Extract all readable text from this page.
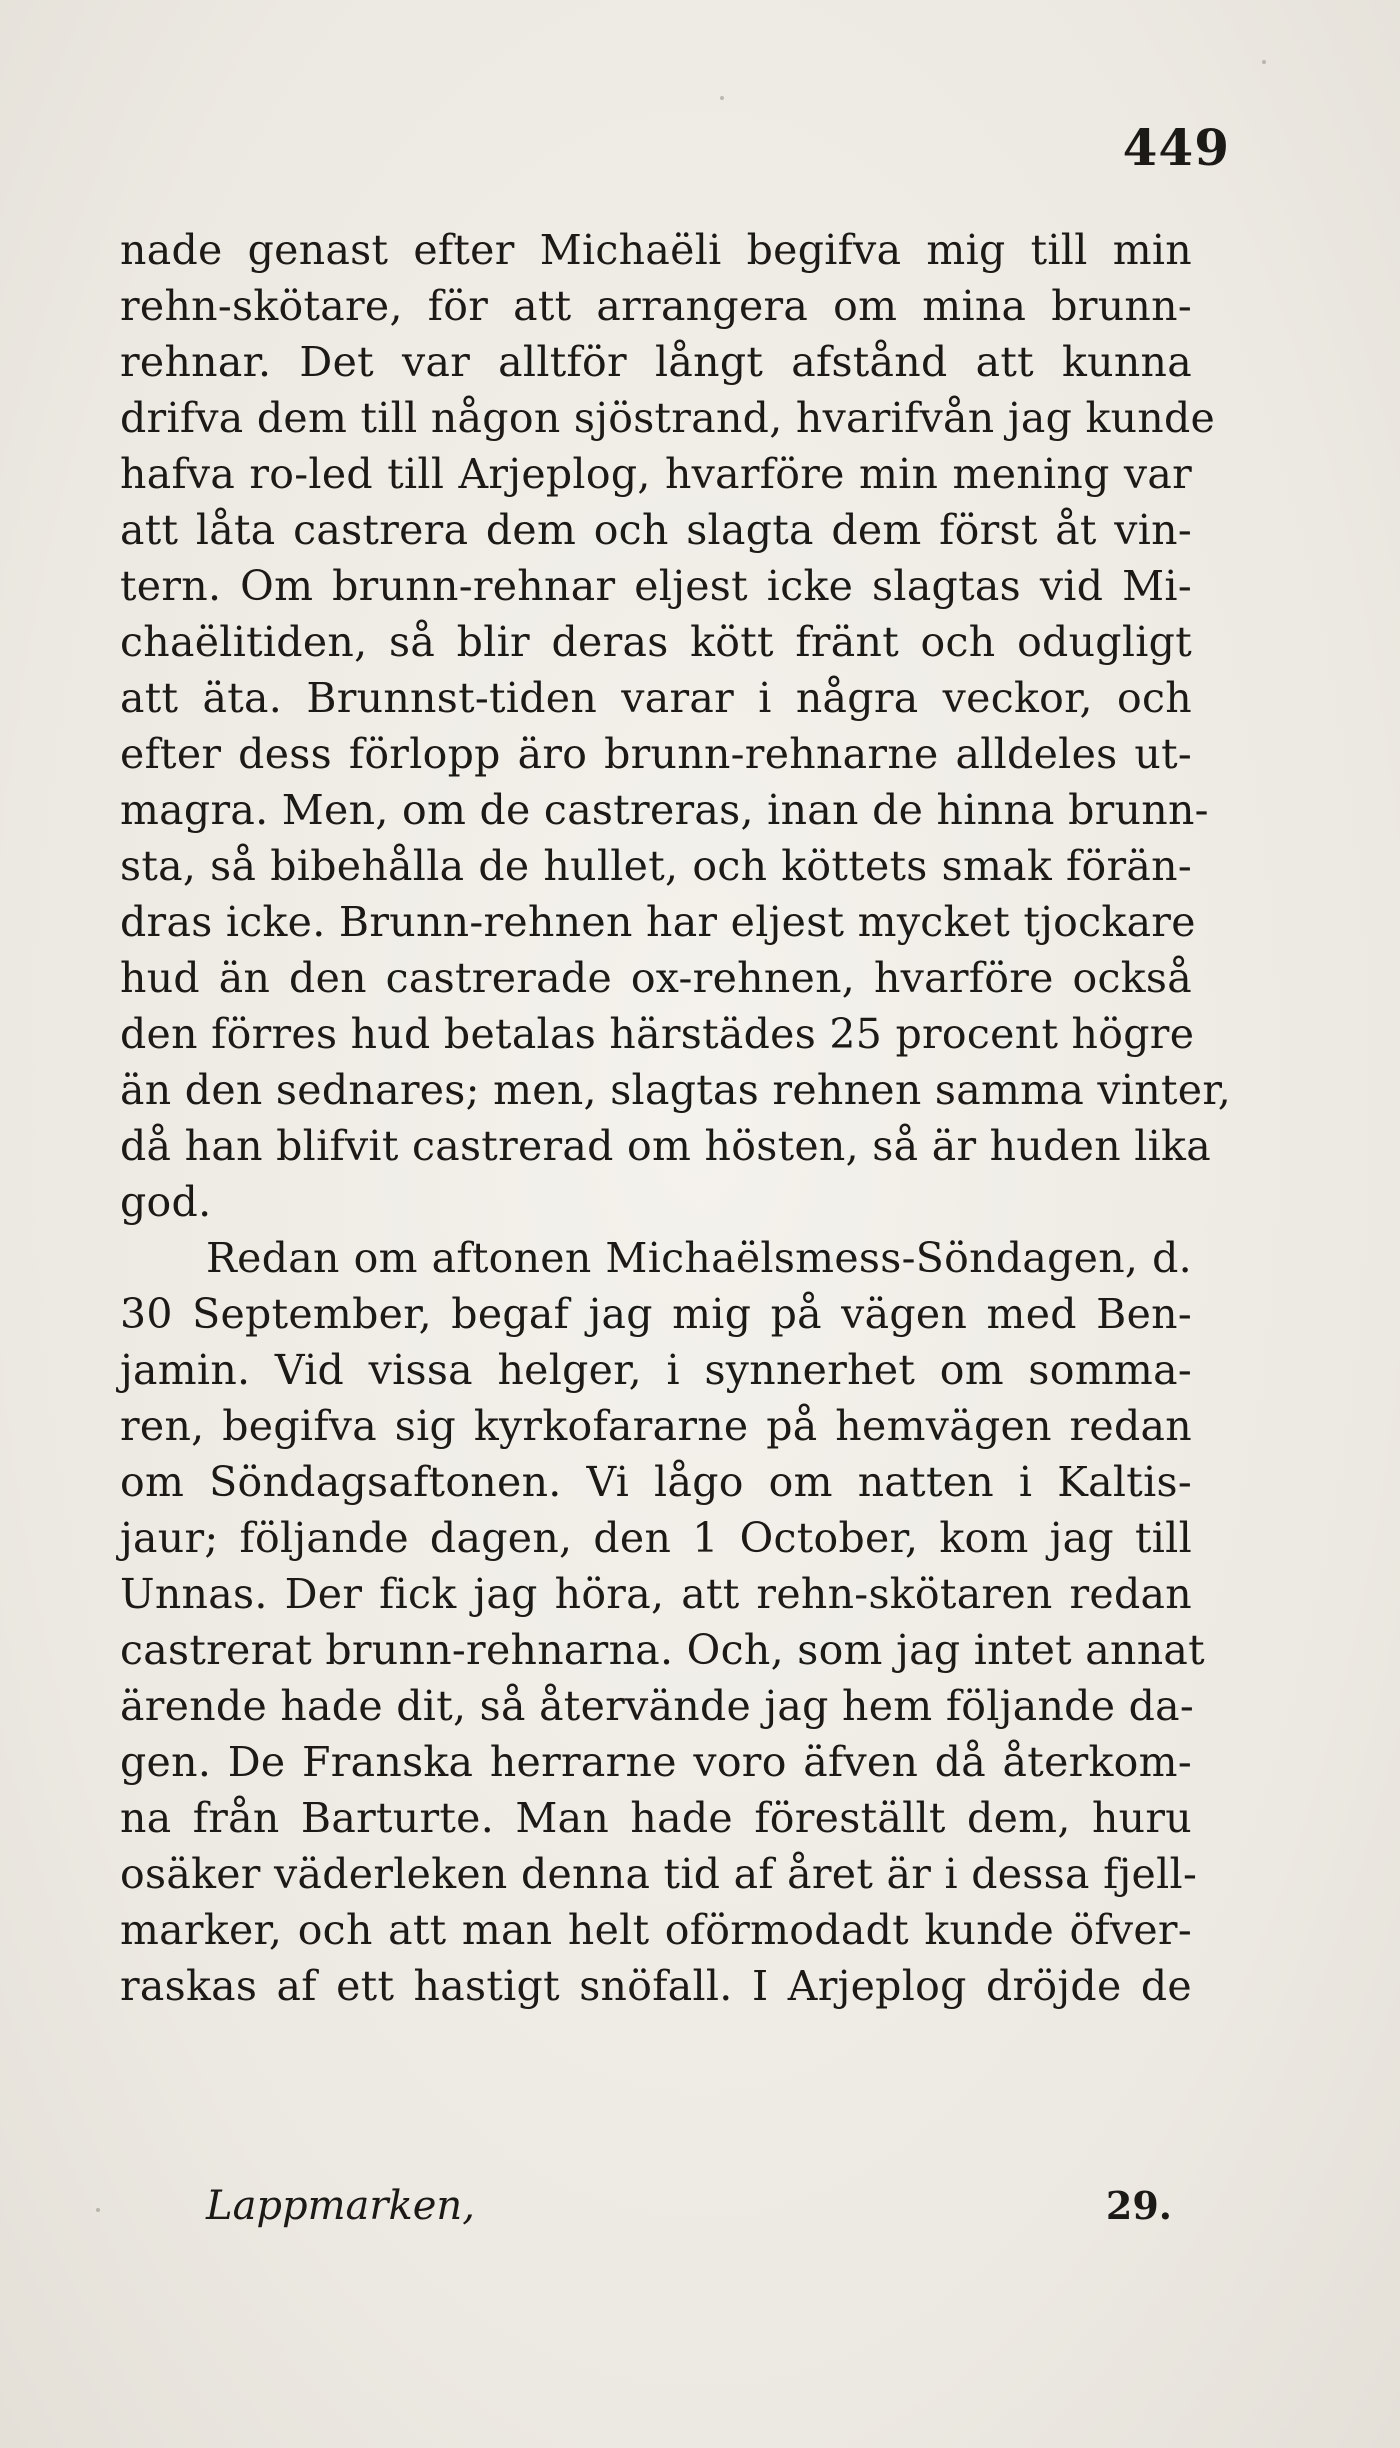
449
nade genast efter Michaëli begifva mig till min
rehn-skötare, för att arrangera om mina brunn-
rehnar. Det var alltför långt afstånd att kunna
drifva dem till någon sjöstrand, hvarifvån jag kunde
hafva ro-led till Arjeplog, hvarföre min mening var
att låta castrera dem och slagta dem först åt vin-
tern. Om brunn-rehnar eljest icke slagtas vid Mi-
chaëlitiden, så blir deras kött fränt och odugligt
att äta. Brunnst-tiden varar i några veckor, och
efter dess förlopp äro brunn-rehnarne alldeles ut-
magra. Men, om de castreras, inan de hinna brunn-
sta, så bibehålla de hullet, och köttets smak förän-
dras icke. Brunn-rehnen har eljest mycket tjockare
hud än den castrerade ox-rehnen, hvarföre också
den förres hud betalas härstädes 25 procent högre
än den sednares; men, slagtas rehnen samma vinter,
då han blifvit castrerad om hösten, så är huden lika
god.
Redan om aftonen Michaëlsmess-Söndagen, d.
30 September, begaf jag mig på vägen med Ben-
jamin. Vid vissa helger, i synnerhet om somma-
ren, begifva sig kyrkofararne på hemvägen redan
om Söndagsaftonen. Vi lågo om natten i Kaltis-
jaur; följande dagen, den 1 October, kom jag till
Unnas. Der fick jag höra, att rehn-skötaren redan
castrerat brunn-rehnarna. Och, som jag intet annat
ärende hade dit, så återvände jag hem följande da-
gen. De Franska herrarne voro äfven då återkom-
na från Barturte. Man hade föreställt dem, huru
osäker väderleken denna tid af året är i dessa fjell-
marker, och att man helt oförmodadt kunde öfver-
raskas af ett hastigt snöfall. I Arjeplog dröjde de
Lappmarken,	29.
